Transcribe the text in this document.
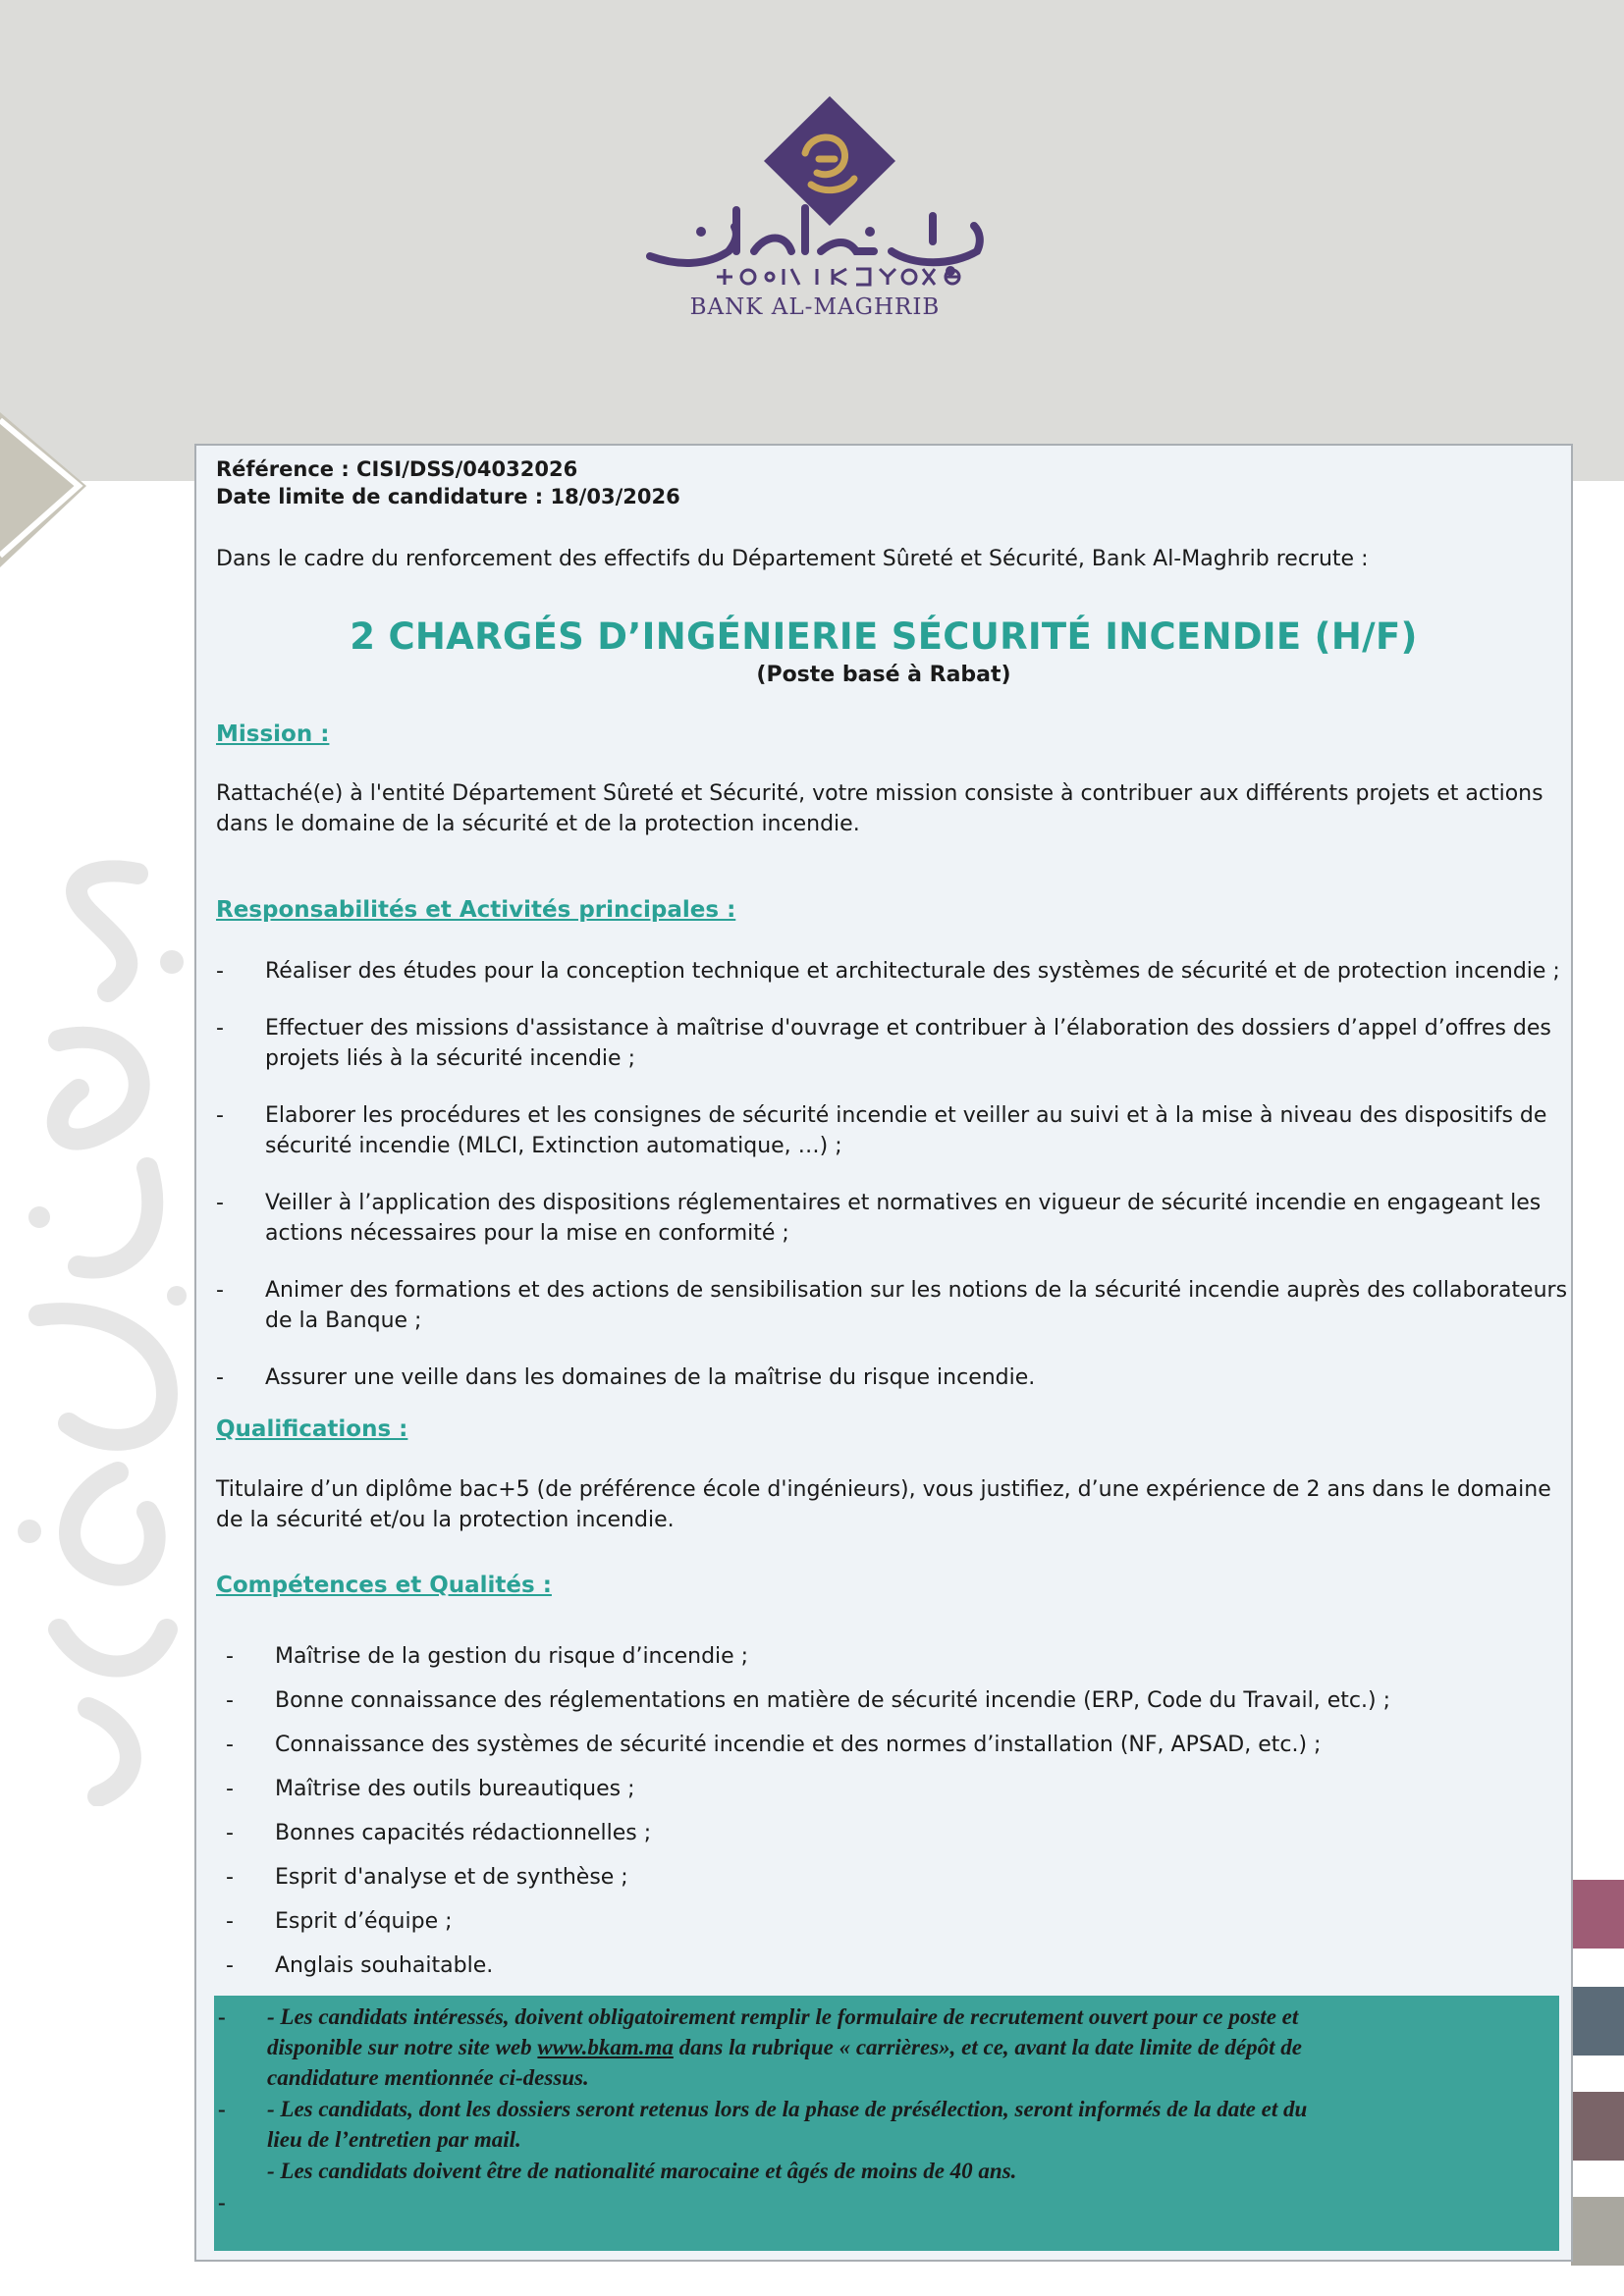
BANK AL-MAGHRIB
Référence : CISI/DSS/04032026
Date limite de candidature : 18/03/2026
Dans le cadre du renforcement des effectifs du Département Sûreté et Sécurité, Bank Al-Maghrib recrute :
2 CHARGÉS D’INGÉNIERIE SÉCURITÉ INCENDIE (H/F)
(Poste basé à Rabat)
Mission :
Rattaché(e) à l'entité Département Sûreté et Sécurité, votre mission consiste à contribuer aux différents projets et actions dans le domaine de la sécurité et de la protection incendie.
Responsabilités et Activités principales :
-	Réaliser des études pour la conception technique et architecturale des systèmes de sécurité et de protection incendie ;
-	Effectuer des missions d'assistance à maîtrise d'ouvrage et contribuer à l’élaboration des dossiers d’appel d’offres des projets liés à la sécurité incendie ;
-	Elaborer les procédures et les consignes de sécurité incendie et veiller au suivi et à la mise à niveau des dispositifs de sécurité incendie (MLCI, Extinction automatique, …) ;
-	Veiller à l’application des dispositions réglementaires et normatives en vigueur de sécurité incendie en engageant les actions nécessaires pour la mise en conformité ;
-	Animer des formations et des actions de sensibilisation sur les notions de la sécurité incendie auprès des collaborateurs de la Banque ;
-	Assurer une veille dans les domaines de la maîtrise du risque incendie.
Qualifications :
Titulaire d’un diplôme bac+5 (de préférence école d'ingénieurs), vous justifiez, d’une expérience de 2 ans dans le domaine de la sécurité et/ou la protection incendie.
Compétences et Qualités :
-	Maîtrise de la gestion du risque d’incendie ;
-	Bonne connaissance des réglementations en matière de sécurité incendie (ERP, Code du Travail, etc.) ;
-	Connaissance des systèmes de sécurité incendie et des normes d’installation (NF, APSAD, etc.) ;
-	Maîtrise des outils bureautiques ;
-	Bonnes capacités rédactionnelles ;
-	Esprit d'analyse et de synthèse ;
-	Esprit d’équipe ;
-	Anglais souhaitable.
-
-
-
- Les candidats intéressés, doivent obligatoirement remplir le formulaire de recrutement ouvert pour ce poste et
disponible sur notre site web www.bkam.ma dans la rubrique « carrières», et ce, avant la date limite de dépôt de
candidature mentionnée ci-dessus.
- Les candidats, dont les dossiers seront retenus lors de la phase de présélection, seront informés de la date et du
lieu de l’entretien par mail.
- Les candidats doivent être de nationalité marocaine et âgés de moins de 40 ans.
